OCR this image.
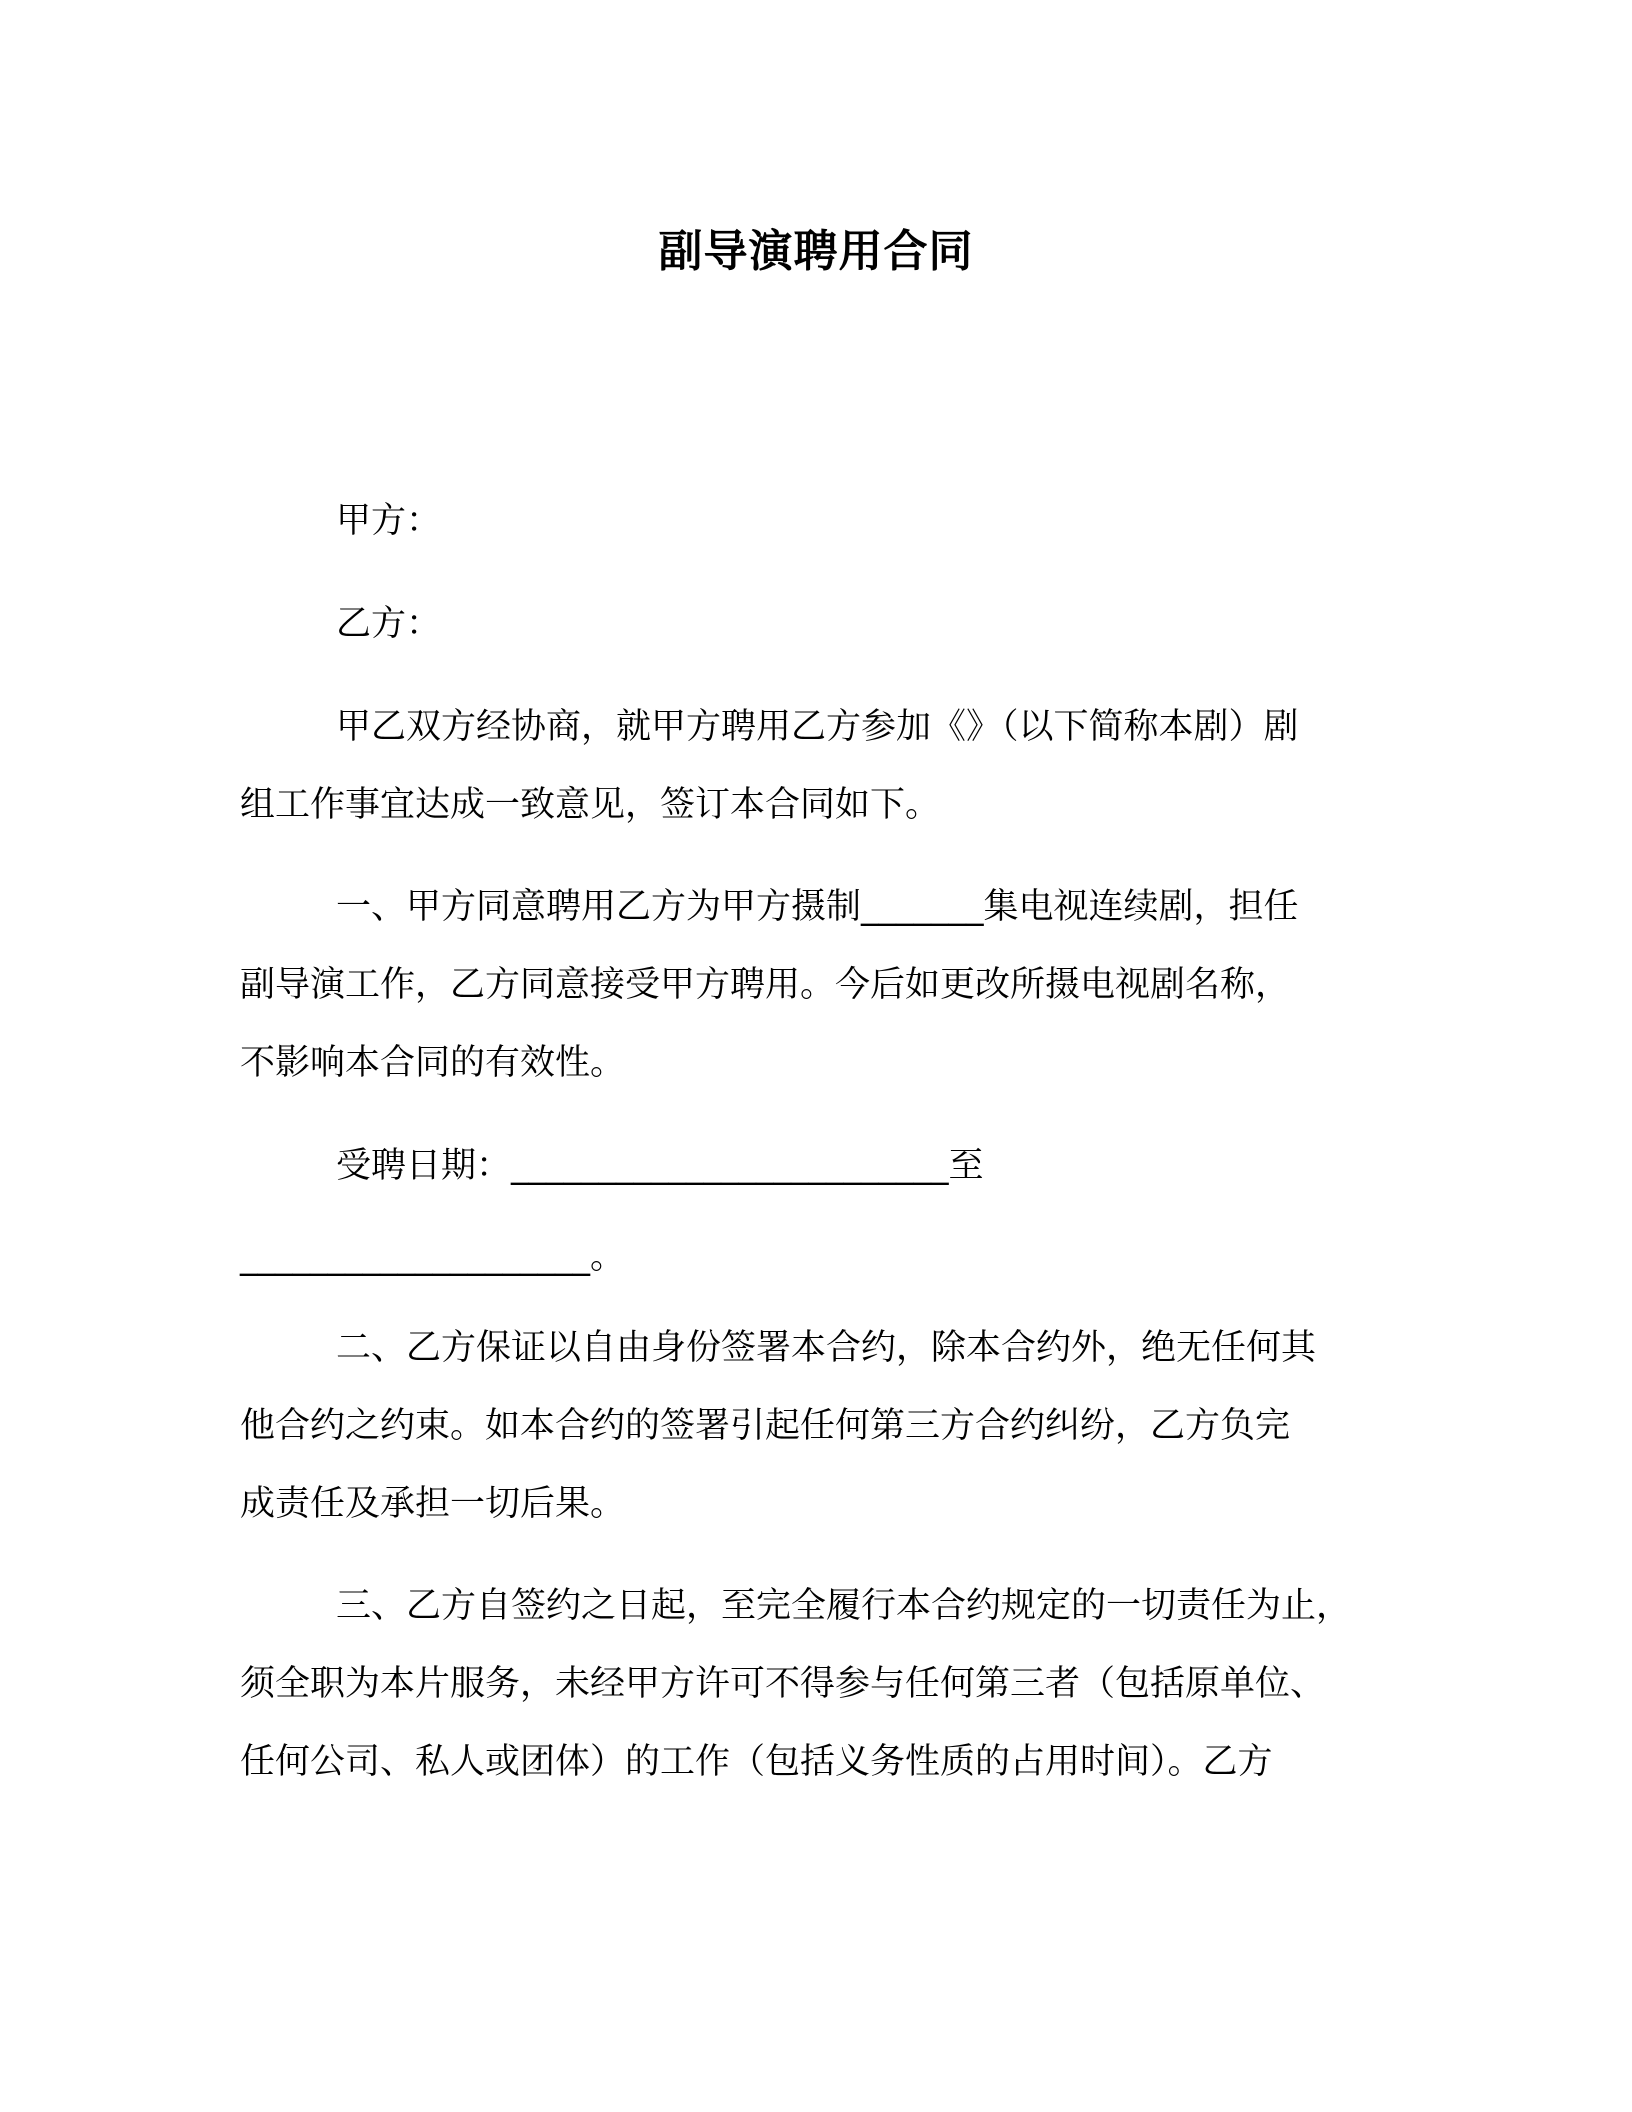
副导演聘用合同
甲方：
乙方：
甲乙双方经协商，就甲方聘用乙方参加《》（以下简称本剧）剧
组工作事宜达成一致意见，签订本合同如下。
一、甲方同意聘用乙方为甲方摄制_______集电视连续剧，担任
副导演工作，乙方同意接受甲方聘用。今后如更改所摄电视剧名称，
不影响本合同的有效性。
受聘日期：_________________________至
____________________。
二、乙方保证以自由身份签署本合约，除本合约外，绝无任何其
他合约之约束。如本合约的签署引起任何第三方合约纠纷，乙方负完
成责任及承担一切后果。
三、乙方自签约之日起，至完全履行本合约规定的一切责任为止，
须全职为本片服务，未经甲方许可不得参与任何第三者（包括原单位、
任何公司、私人或团体）的工作（包括义务性质的占用时间）。乙方
